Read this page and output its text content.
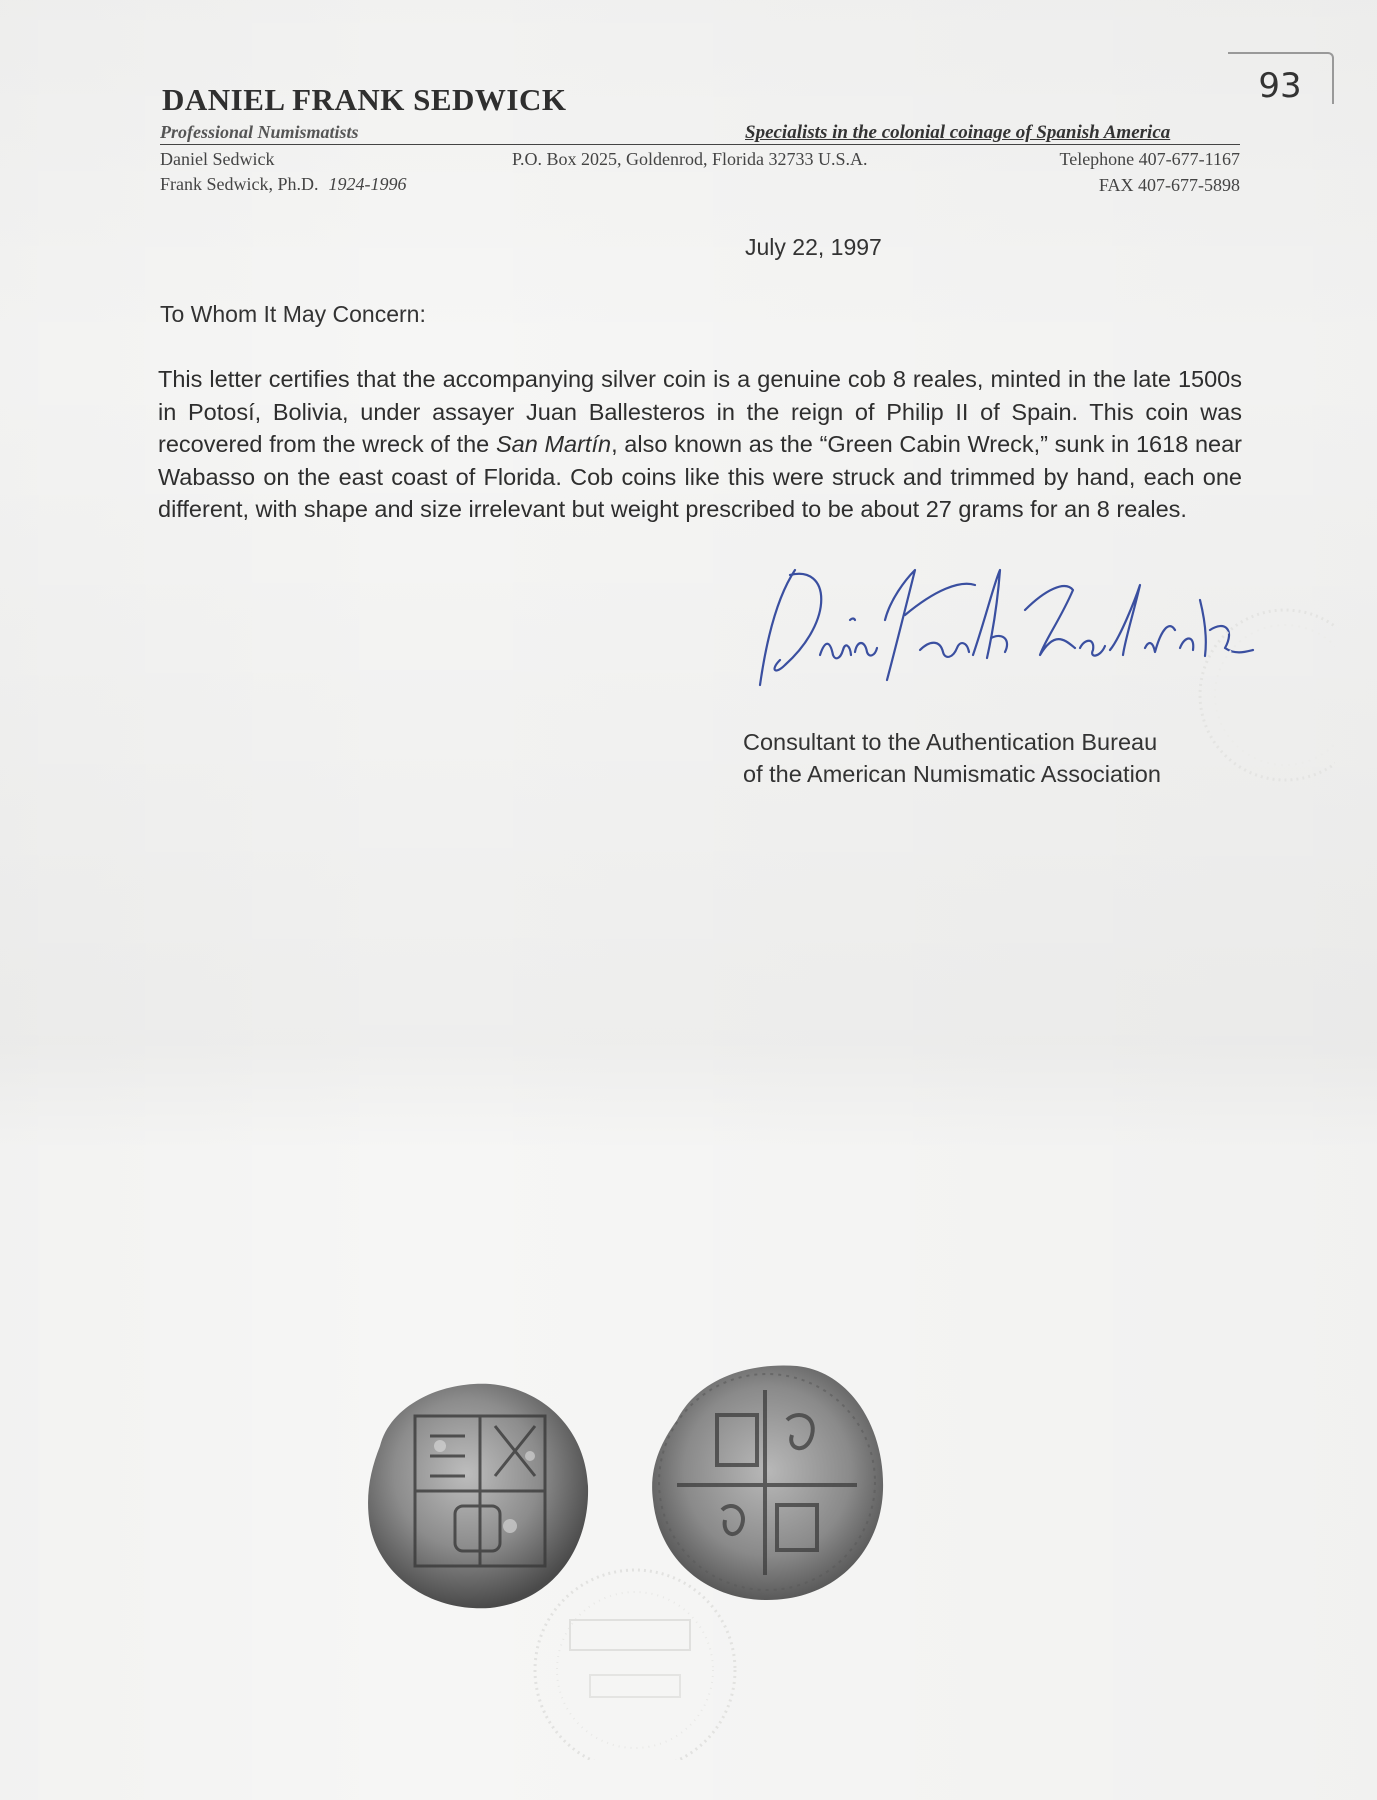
93
DANIEL FRANK SEDWICK
Professional Numismatists	Specialists in the colonial coinage of Spanish America
Daniel Sedwick
Frank Sedwick, Ph.D. 1924-1996
P.O. Box 2025, Goldenrod, Florida 32733 U.S.A.	Telephone 407-677-1167
FAX 407-677-5898
July 22, 1997
To Whom It May Concern:

This letter certifies that the accompanying silver coin is a genuine cob 8 reales, minted in the late 1500s in Potosí, Bolivia, under assayer Juan Ballesteros in the reign of Philip II of Spain. This coin was recovered from the wreck of the San Martín, also known as the “Green Cabin Wreck,” sunk in 1618 near Wabasso on the east coast of Florida. Cob coins like this were struck and trimmed by hand, each one different, with shape and size irrelevant but weight prescribed to be about 27 grams for an 8 reales.

Consultant to the Authentication Bureau
of the American Numismatic Association
